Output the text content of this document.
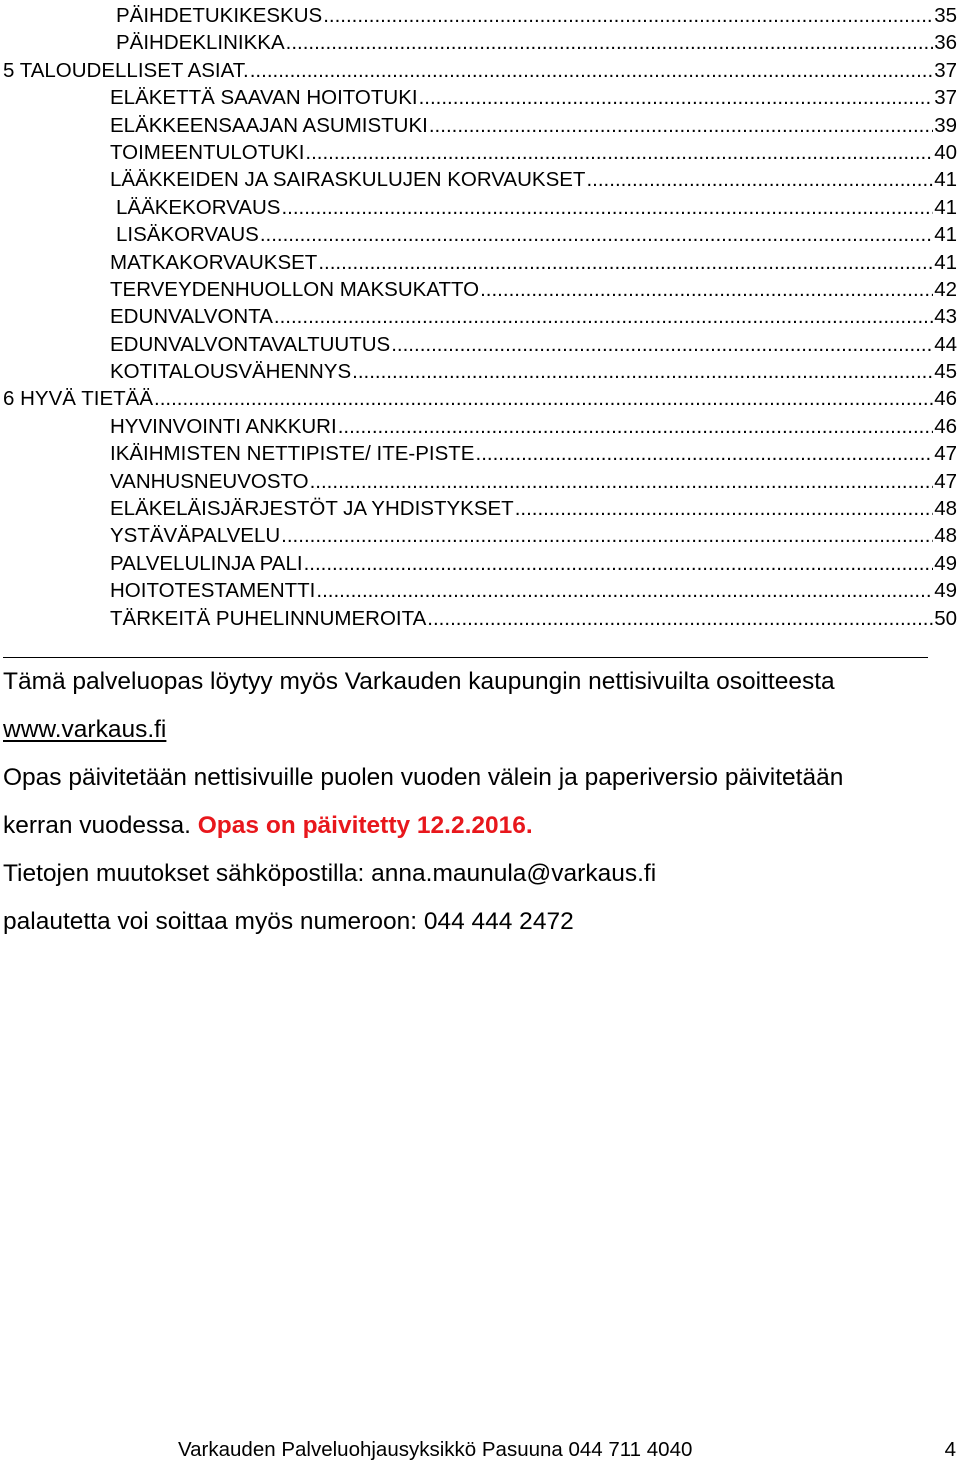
PÄIHDETUKIKESKUS .....	35
PÄIHDEKLINIKKA .....	36
5 TALOUDELLISET ASIAT. .....	37
ELÄKETTÄ SAAVAN HOITOTUKI .....	37
ELÄKKEENSAAJAN ASUMISTUKI .....	39
TOIMEENTULOTUKI .....	40
LÄÄKKEIDEN JA SAIRASKULUJEN KORVAUKSET .....	41
LÄÄKEKORVAUS .....	41
LISÄKORVAUS .....	41
MATKAKORVAUKSET .....	41
TERVEYDENHUOLLON MAKSUKATTO .....	42
EDUNVALVONTA .....	43
EDUNVALVONTAVALTUUTUS .....	44
KOTITALOUSVÄHENNYS .....	45
6 HYVÄ TIETÄÄ .....	46
HYVINVOINTI ANKKURI .....	46
IKÄIHMISTEN NETTIPISTE/ ITE-PISTE .....	47
VANHUSNEUVOSTO .....	47
ELÄKELÄISJÄRJESTÖT JA YHDISTYKSET .....	48
YSTÄVÄPALVELU .....	48
PALVELULINJA PALI .....	49
HOITOTESTAMENTTI .....	49
TÄRKEITÄ PUHELINNUMEROITA .....	50
Tämä palveluopas löytyy myös Varkauden kaupungin nettisivuilta osoitteesta
www.varkaus.fi
Opas päivitetään nettisivuille puolen vuoden välein ja paperiversio päivitetään
kerran vuodessa. Opas on päivitetty 12.2.2016.
Tietojen muutokset sähköpostilla: anna.maunula@varkaus.fi
palautetta voi soittaa myös numeroon: 044 444 2472
Varkauden Palveluohjausyksikkö Pasuuna 044 711 4040	4
